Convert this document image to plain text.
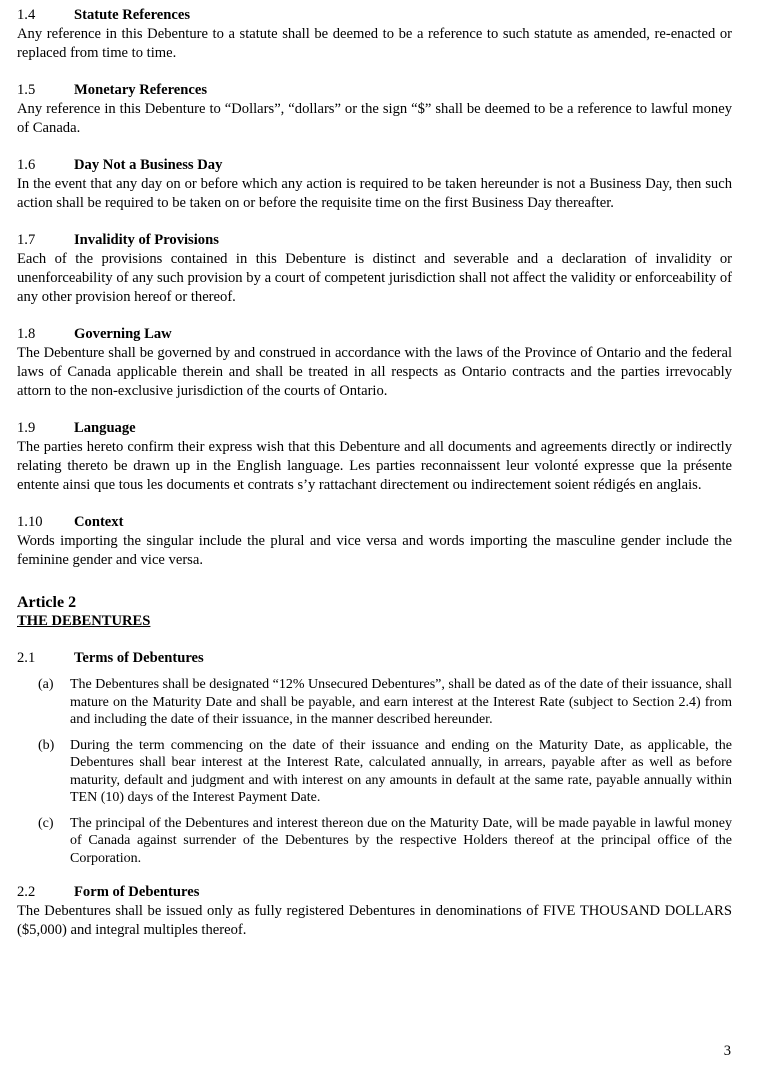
1.4	Statute References

Any reference in this Debenture to a statute shall be deemed to be a reference to such statute as amended, re-enacted or replaced from time to time.

1.5	Monetary References

Any reference in this Debenture to “Dollars”, “dollars” or the sign “$” shall be deemed to be a reference to lawful money of Canada.

1.6	Day Not a Business Day

In the event that any day on or before which any action is required to be taken hereunder is not a Business Day, then such action shall be required to be taken on or before the requisite time on the first Business Day thereafter.

1.7	Invalidity of Provisions

Each of the provisions contained in this Debenture is distinct and severable and a declaration of invalidity or unenforceability of any such provision by a court of competent jurisdiction shall not affect the validity or enforceability of any other provision hereof or thereof.

1.8	Governing Law

The Debenture shall be governed by and construed in accordance with the laws of the Province of Ontario and the federal laws of Canada applicable therein and shall be treated in all respects as Ontario contracts and the parties irrevocably attorn to the non-exclusive jurisdiction of the courts of Ontario.

1.9	Language

The parties hereto confirm their express wish that this Debenture and all documents and agreements directly or indirectly relating thereto be drawn up in the English language. Les parties reconnaissent leur volonté expresse que la présente entente ainsi que tous les documents et contrats s’y rattachant directement ou indirectement soient rédigés en anglais.

1.10	Context

Words importing the singular include the plural and vice versa and words importing the masculine gender include the feminine gender and vice versa.

Article 2

THE DEBENTURES

2.1	Terms of Debentures
(a)	The Debentures shall be designated “12% Unsecured Debentures”, shall be dated as of the date of their issuance, shall mature on the Maturity Date and shall be payable, and earn interest at the Interest Rate (subject to Section 2.4) from and including the date of their issuance, in the manner described hereunder.
(b)	During the term commencing on the date of their issuance and ending on the Maturity Date, as applicable, the Debentures shall bear interest at the Interest Rate, calculated annually, in arrears, payable after as well as before maturity, default and judgment and with interest on any amounts in default at the same rate, payable annually within TEN (10) days of the Interest Payment Date.
(c)	The principal of the Debentures and interest thereon due on the Maturity Date, will be made payable in lawful money of Canada against surrender of the Debentures by the respective Holders thereof at the principal office of the Corporation.
2.2	Form of Debentures

The Debentures shall be issued only as fully registered Debentures in denominations of FIVE THOUSAND DOLLARS ($5,000) and integral multiples thereof.

3
